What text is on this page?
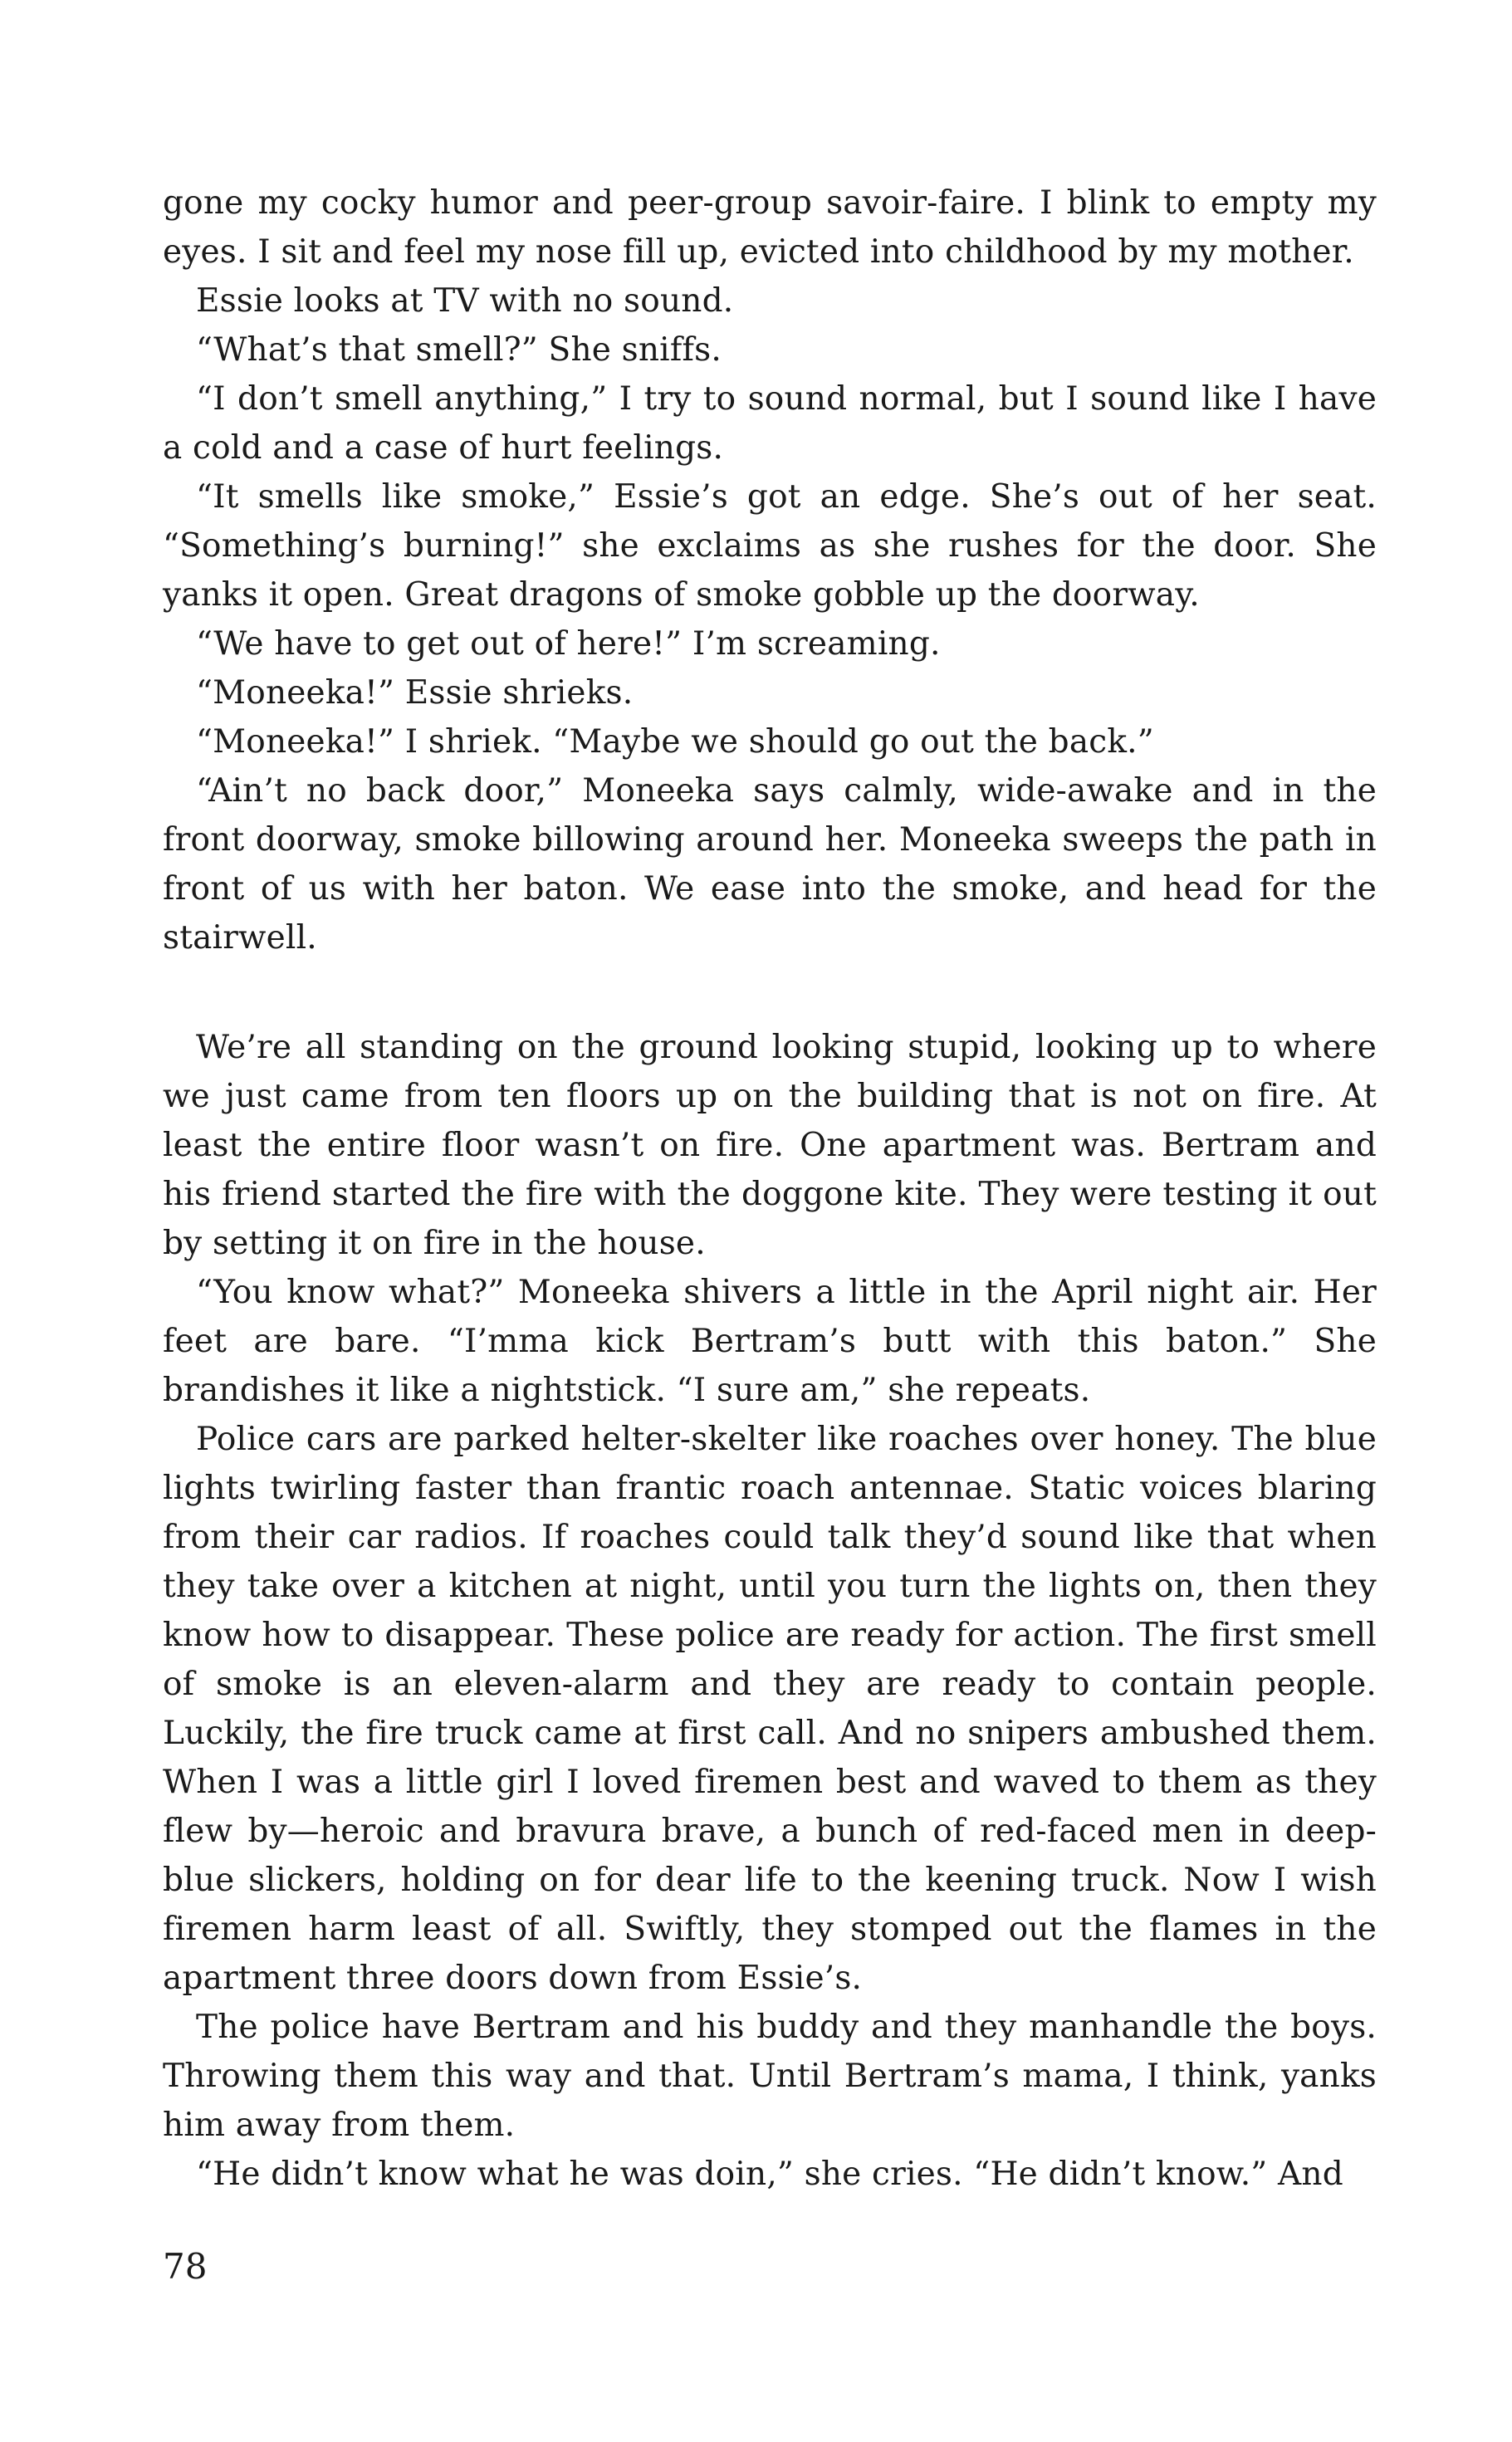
gone my cocky humor and peer-group savoir-faire. I blink to empty my eyes. I sit and feel my nose fill up, evicted into childhood by my mother.

Essie looks at TV with no sound.

“What’s that smell?” She sniffs.

“I don’t smell anything,” I try to sound normal, but I sound like I have a cold and a case of hurt feelings.

“It smells like smoke,” Essie’s got an edge. She’s out of her seat. “Something’s burning!” she exclaims as she rushes for the door. She yanks it open. Great dragons of smoke gobble up the doorway.

“We have to get out of here!” I’m screaming.

“Moneeka!” Essie shrieks.

“Moneeka!” I shriek. “Maybe we should go out the back.”

“Ain’t no back door,” Moneeka says calmly, wide-awake and in the front doorway, smoke billowing around her. Moneeka sweeps the path in front of us with her baton. We ease into the smoke, and head for the stairwell.

We’re all standing on the ground looking stupid, looking up to where we just came from ten floors up on the building that is not on fire. At least the entire floor wasn’t on fire. One apartment was. Bertram and his friend started the fire with the doggone kite. They were testing it out by setting it on fire in the house.

“You know what?” Moneeka shivers a little in the April night air. Her feet are bare. “I’mma kick Bertram’s butt with this baton.” She brandishes it like a nightstick. “I sure am,” she repeats.

Police cars are parked helter-skelter like roaches over honey. The blue lights twirling faster than frantic roach antennae. Static voices blaring from their car radios. If roaches could talk they’d sound like that when they take over a kitchen at night, until you turn the lights on, then they know how to disappear. These police are ready for action. The first smell of smoke is an eleven-alarm and they are ready to contain people. Luckily, the fire truck came at first call. And no snipers ambushed them. When I was a little girl I loved firemen best and waved to them as they flew by—heroic and bravura brave, a bunch of red-faced men in deep-blue slickers, holding on for dear life to the keening truck. Now I wish firemen harm least of all. Swiftly, they stomped out the flames in the apartment three doors down from Essie’s.

The police have Bertram and his buddy and they manhandle the boys. Throwing them this way and that. Until Bertram’s mama, I think, yanks him away from them.

“He didn’t know what he was doin,” she cries. “He didn’t know.” And

78
